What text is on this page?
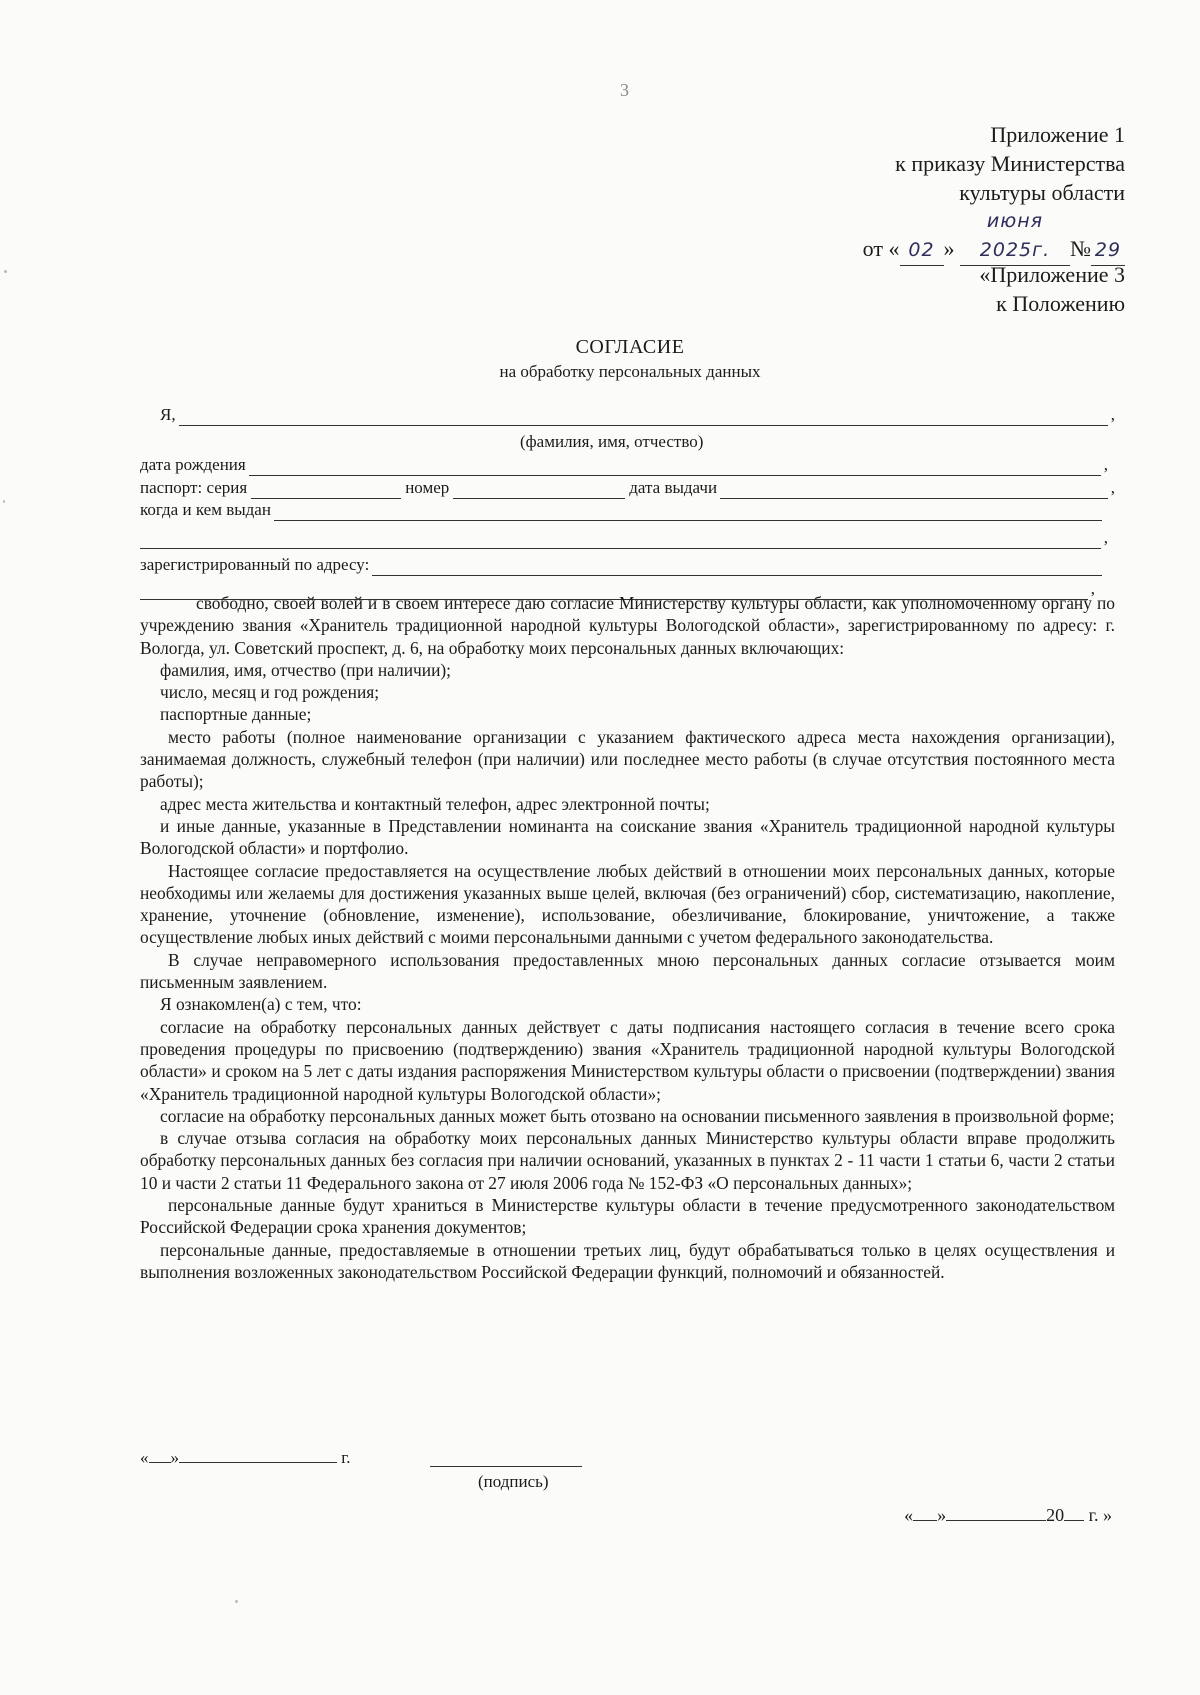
3
Приложение 1
к приказу Министерства
культуры области
от « 02 » июня 2025г. № 29
«Приложение 3
к Положению
СОГЛАСИЕ
на обработку персональных данных
Я,	,
(фамилия, имя, отчество)
дата рождения	,
паспорт: серия	номер	дата выдачи	,
когда и кем выдан
,
зарегистрированный по адресу:
,

свободно, своей волей и в своем интересе даю согласие Министерству культуры области, как уполномоченному органу по учреждению звания «Хранитель традиционной народной культуры Вологодской области», зарегистрированному по адресу: г. Вологда, ул. Советский проспект, д. 6, на обработку моих персональных данных включающих:

фамилия, имя, отчество (при наличии);

число, месяц и год рождения;

паспортные данные;

место работы (полное наименование организации с указанием фактического адреса места нахождения организации), занимаемая должность, служебный телефон (при наличии) или последнее место работы (в случае отсутствия постоянного места работы);

адрес места жительства и контактный телефон, адрес электронной почты;

и иные данные, указанные в Представлении номинанта на соискание звания «Хранитель традиционной народной культуры Вологодской области» и портфолио.

Настоящее согласие предоставляется на осуществление любых действий в отношении моих персональных данных, которые необходимы или желаемы для достижения указанных выше целей, включая (без ограничений) сбор, систематизацию, накопление, хранение, уточнение (обновление, изменение), использование, обезличивание, блокирование, уничтожение, а также осуществление любых иных действий с моими персональными данными с учетом федерального законодательства.

В случае неправомерного использования предоставленных мною персональных данных согласие отзывается моим письменным заявлением.

Я ознакомлен(а) с тем, что:

согласие на обработку персональных данных действует с даты подписания настоящего согласия в течение всего срока проведения процедуры по присвоению (подтверждению) звания «Хранитель традиционной народной культуры Вологодской области» и сроком на 5 лет с даты издания распоряжения Министерством культуры области о присвоении (подтверждении) звания «Хранитель традиционной народной культуры Вологодской области»;

согласие на обработку персональных данных может быть отозвано на основании письменного заявления в произвольной форме;

в случае отзыва согласия на обработку моих персональных данных Министерство культуры области вправе продолжить обработку персональных данных без согласия при наличии оснований, указанных в пунктах 2 - 11 части 1 статьи 6, части 2 статьи 10 и части 2 статьи 11 Федерального закона от 27 июля 2006 года № 152-ФЗ «О персональных данных»;

персональные данные будут храниться в Министерстве культуры области в течение предусмотренного законодательством Российской Федерации срока хранения документов;

персональные данные, предоставляемые в отношении третьих лиц, будут обрабатываться только в целях осуществления и выполнения возложенных законодательством Российской Федерации функций, полномочий и обязанностей.

« »	г.
(подпись)
« »	20 г. »
